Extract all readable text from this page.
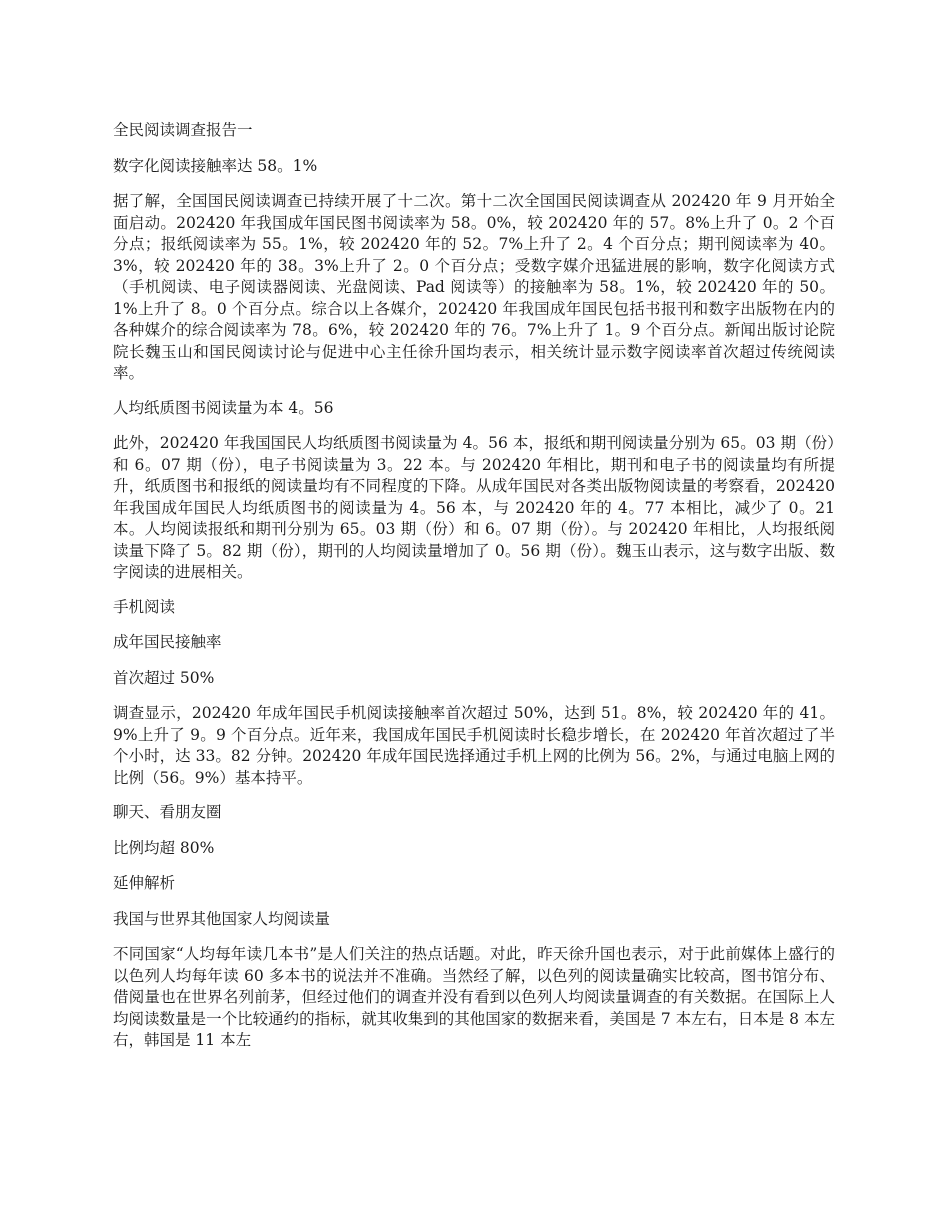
全民阅读调查报告一

数字化阅读接触率达 58。1%

据了解，全国国民阅读调查已持续开展了十二次。第十二次全国国民阅读调查从 202420 年 9 月开始全面启动。202420 年我国成年国民图书阅读率为 58。0%，较 202420 年的 57。8%上升了 0。2 个百分点；报纸阅读率为 55。1%，较 202420 年的 52。7%上升了 2。4 个百分点；期刊阅读率为 40。3%，较 202420 年的 38。3%上升了 2。0 个百分点；受数字媒介迅猛进展的影响，数字化阅读方式（手机阅读、电子阅读器阅读、光盘阅读、Pad 阅读等）的接触率为 58。1%，较 202420 年的 50。1%上升了 8。0 个百分点。综合以上各媒介，202420 年我国成年国民包括书报刊和数字出版物在内的各种媒介的综合阅读率为 78。6%，较 202420 年的 76。7%上升了 1。9 个百分点。新闻出版讨论院院长魏玉山和国民阅读讨论与促进中心主任徐升国均表示，相关统计显示数字阅读率首次超过传统阅读率。

人均纸质图书阅读量为本 4。56

此外，202420 年我国国民人均纸质图书阅读量为 4。56 本，报纸和期刊阅读量分别为 65。03 期（份）和 6。07 期（份），电子书阅读量为 3。22 本。与 202420 年相比，期刊和电子书的阅读量均有所提升，纸质图书和报纸的阅读量均有不同程度的下降。从成年国民对各类出版物阅读量的考察看，202420 年我国成年国民人均纸质图书的阅读量为 4。56 本，与 202420 年的 4。77 本相比，减少了 0。21 本。人均阅读报纸和期刊分别为 65。03 期（份）和 6。07 期（份）。与 202420 年相比，人均报纸阅读量下降了 5。82 期（份），期刊的人均阅读量增加了 0。56 期（份）。魏玉山表示，这与数字出版、数字阅读的进展相关。

手机阅读

成年国民接触率

首次超过 50%

调查显示，202420 年成年国民手机阅读接触率首次超过 50%，达到 51。8%，较 202420 年的 41。9%上升了 9。9 个百分点。近年来，我国成年国民手机阅读时长稳步增长，在 202420 年首次超过了半个小时，达 33。82 分钟。202420 年成年国民选择通过手机上网的比例为 56。2%，与通过电脑上网的比例（56。9%）基本持平。

聊天、看朋友圈

比例均超 80%

延伸解析

我国与世界其他国家人均阅读量

不同国家“人均每年读几本书”是人们关注的热点话题。对此，昨天徐升国也表示，对于此前媒体上盛行的以色列人均每年读 60 多本书的说法并不准确。当然经了解，以色列的阅读量确实比较高，图书馆分布、借阅量也在世界名列前茅，但经过他们的调查并没有看到以色列人均阅读量调查的有关数据。在国际上人均阅读数量是一个比较通约的指标，就其收集到的其他国家的数据来看，美国是 7 本左右，日本是 8 本左右，韩国是 11 本左
